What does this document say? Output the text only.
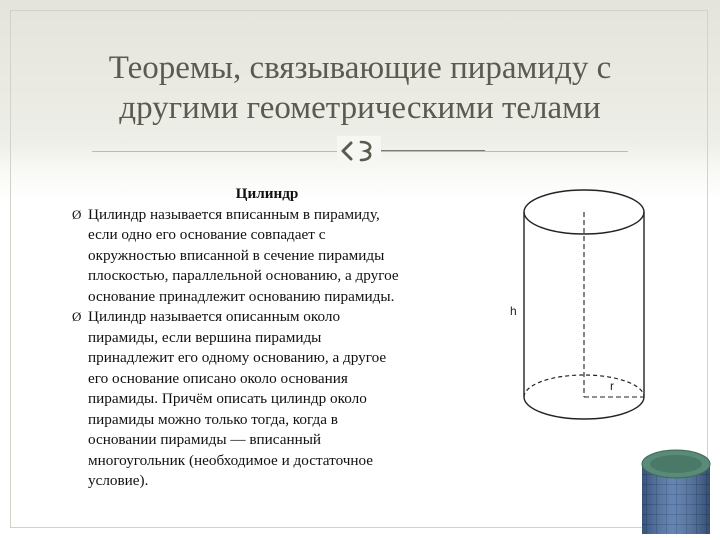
Теоремы, связывающие пирамиду с
другими геометрическими телами

Цилиндр

Ø Цилиндр называется вписанным в пирамиду,
если одно его основание совпадает с
окружностью вписанной в сечение пирамиды
плоскостью, параллельной основанию, а другое
основание принадлежит основанию пирамиды.
Ø Цилиндр называется описанным около
пирамиды, если вершина пирамиды
принадлежит его одному основанию, а другое
его основание описано около основания
пирамиды. Причём описать цилиндр около
пирамиды можно только тогда, когда в
основании пирамиды — вписанный
многоугольник (необходимое и достаточное
условие).
h
r
